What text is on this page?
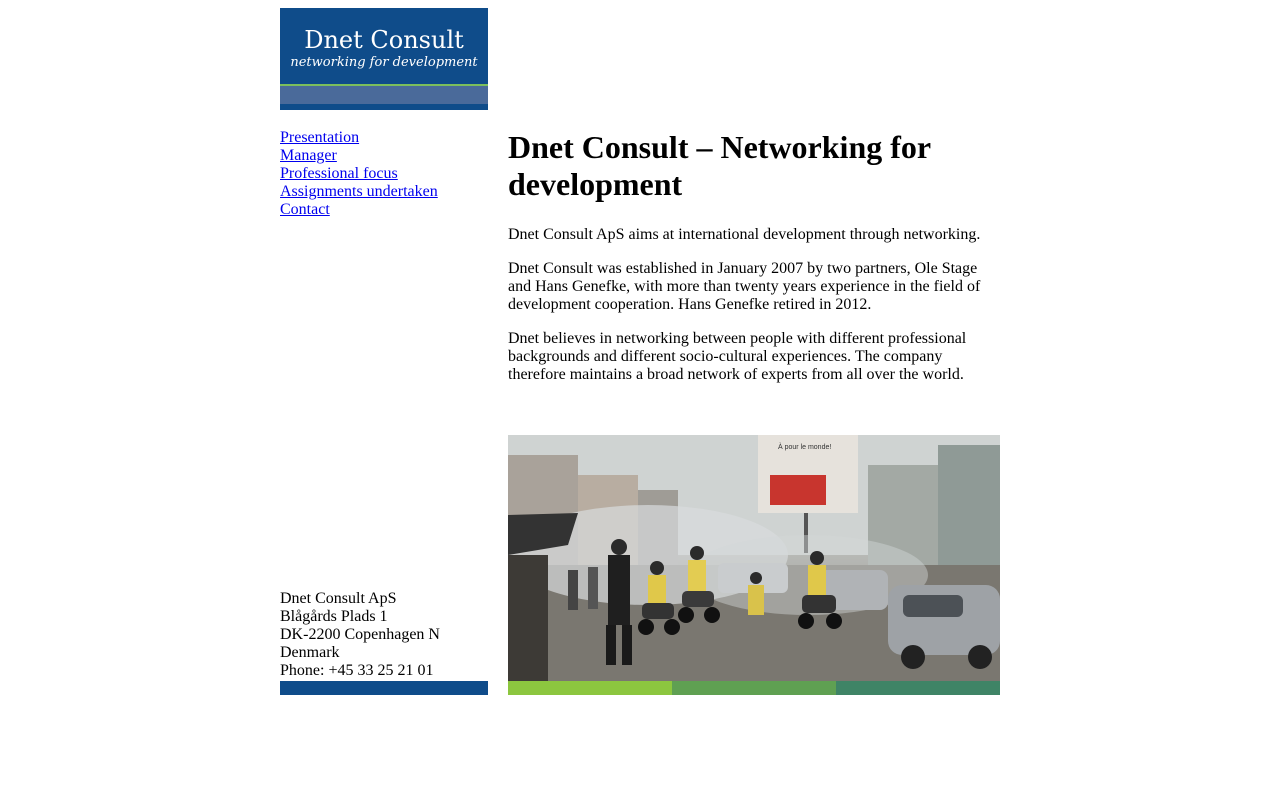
Dnet Consult
networking for development
Presentation
Manager
Professional focus
Assignments undertaken
Contact
Dnet Consult – Networking for development

Dnet Consult ApS aims at international development through networking.

Dnet Consult was established in January 2007 by two partners, Ole Stage and Hans Genefke, with more than twenty years experience in the field of development cooperation. Hans Genefke retired in 2012.

Dnet believes in networking between people with different professional backgrounds and different socio-cultural experiences. The company therefore maintains a broad network of experts from all over the world.

À pour le monde!
Dnet Consult ApS
Blågårds Plads 1
DK-2200 Copenhagen N
Denmark
Phone: +45 33 25 21 01
